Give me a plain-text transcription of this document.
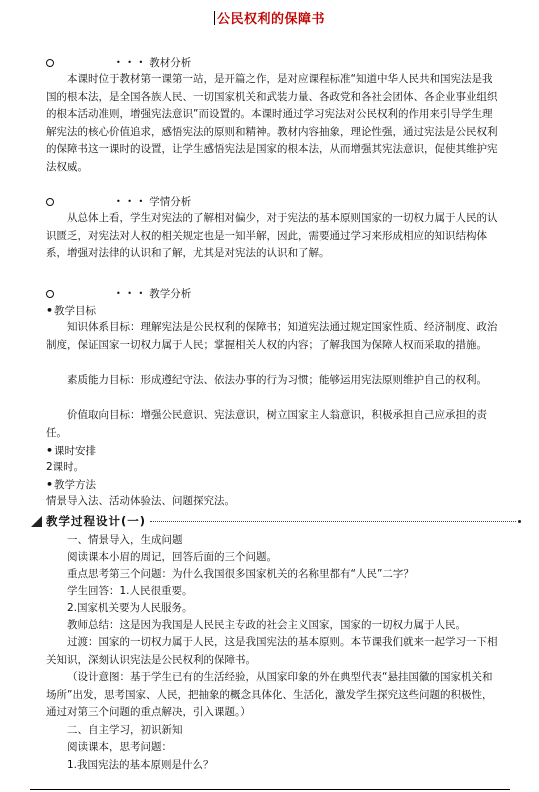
公民权利的保障书
• • • 教材分析
本课时位于教材第一课第一站，是开篇之作，是对应课程标准“知道中华人民共和国宪法是我国的根本法，是全国各族人民、一切国家机关和武装力量、各政党和各社会团体、各企业事业组织的根本活动准则，增强宪法意识”而设置的。本课时通过学习宪法对公民权利的作用来引导学生理解宪法的核心价值追求，感悟宪法的原则和精神。教材内容抽象，理论性强，通过宪法是公民权利的保障书这一课时的设置，让学生感悟宪法是国家的根本法，从而增强其宪法意识，促使其维护宪法权威。
• • • 学情分析
从总体上看，学生对宪法的了解相对偏少，对于宪法的基本原则国家的一切权力属于人民的认识匮乏，对宪法对人权的相关规定也是一知半解，因此，需要通过学习来形成相应的知识结构体系，增强对法律的认识和了解，尤其是对宪法的认识和了解。
• • • 教学分析
•教学目标
知识体系目标：理解宪法是公民权利的保障书；知道宪法通过规定国家性质、经济制度、政治制度，保证国家一切权力属于人民；掌握相关人权的内容；了解我国为保障人权而采取的措施。
素质能力目标：形成遵纪守法、依法办事的行为习惯；能够运用宪法原则维护自己的权利。
价值取向目标：增强公民意识、宪法意识，树立国家主人翁意识，积极承担自己应承担的责任。
•课时安排
2课时。
•教学方法
情景导入法、活动体验法、问题探究法。
教学过程设计(一)
一、情景导入，生成问题
阅读课本小眉的周记，回答后面的三个问题。
重点思考第三个问题：为什么我国很多国家机关的名称里都有“人民”二字？
学生回答：1.人民很重要。
2.国家机关要为人民服务。
教师总结：这是因为我国是人民民主专政的社会主义国家，国家的一切权力属于人民。
过渡：国家的一切权力属于人民，这是我国宪法的基本原则。本节课我们就来一起学习一下相关知识，深刻认识宪法是公民权利的保障书。
（设计意图：基于学生已有的生活经验，从国家印象的外在典型代表“悬挂国徽的国家机关和场所”出发，思考国家、人民，把抽象的概念具体化、生活化，激发学生探究这些问题的积极性，通过对第三个问题的重点解决，引入课题。）
二、自主学习，初识新知
阅读课本，思考问题：
1.我国宪法的基本原则是什么？
